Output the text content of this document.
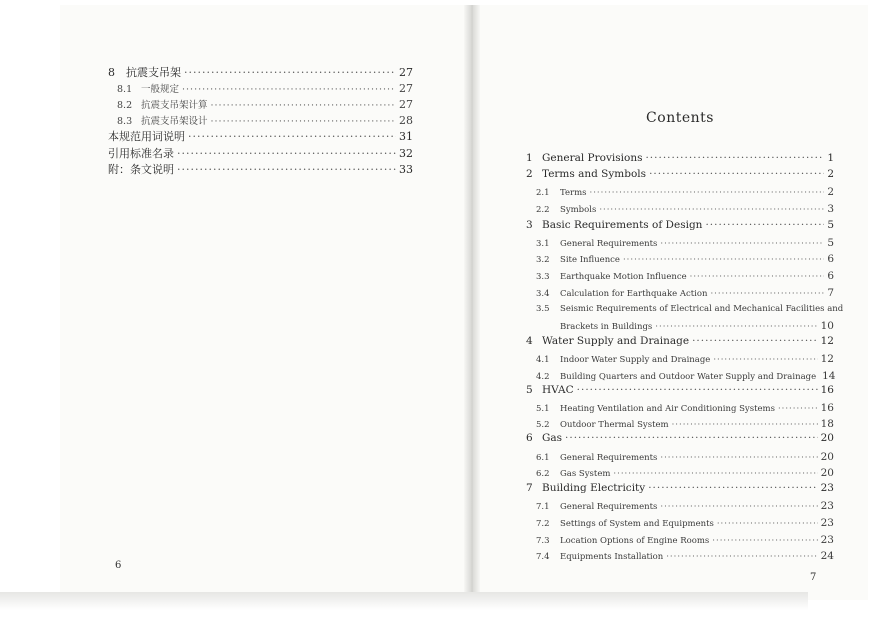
8	抗震支吊架 ·····	27
8.1 一般规定 ·····	27
8.2 抗震支吊架计算 ·····	27
8.3 抗震支吊架设计 ·····	28
本规范用词说明 ·····	31
引用标准名录 ·····	32
附：条文说明 ·····	33
6
Contents
1 General Provisions ·····	1
2 Terms and Symbols ·····	2
2.1	Terms ·····	2
2.2	Symbols ·····	3
3 Basic Requirements of Design ·····	5
3.1	General Requirements ·····	5
3.2	Site Influence ·····	6
3.3	Earthquake Motion Influence ·····	6
3.4	Calculation for Earthquake Action ·····	7
3.5	Seismic Requirements of Electrical and Mechanical Facilities and
Brackets in Buildings ·····	10
4 Water Supply and Drainage ·····	12
4.1	Indoor Water Supply and Drainage ·····	12
4.2	Building Quarters and Outdoor Water Supply and Drainage 14
5 HVAC ·····	16
5.1	Heating Ventilation and Air Conditioning Systems ·····	16
5.2	Outdoor Thermal System ·····	18
6 Gas ·····	20
6.1	General Requirements ·····	20
6.2	Gas System ·····	20
7 Building Electricity ·····	23
7.1	General Requirements ·····	23
7.2	Settings of System and Equipments ·····	23
7.3	Location Options of Engine Rooms ·····	23
7.4	Equipments Installation ·····	24
7
